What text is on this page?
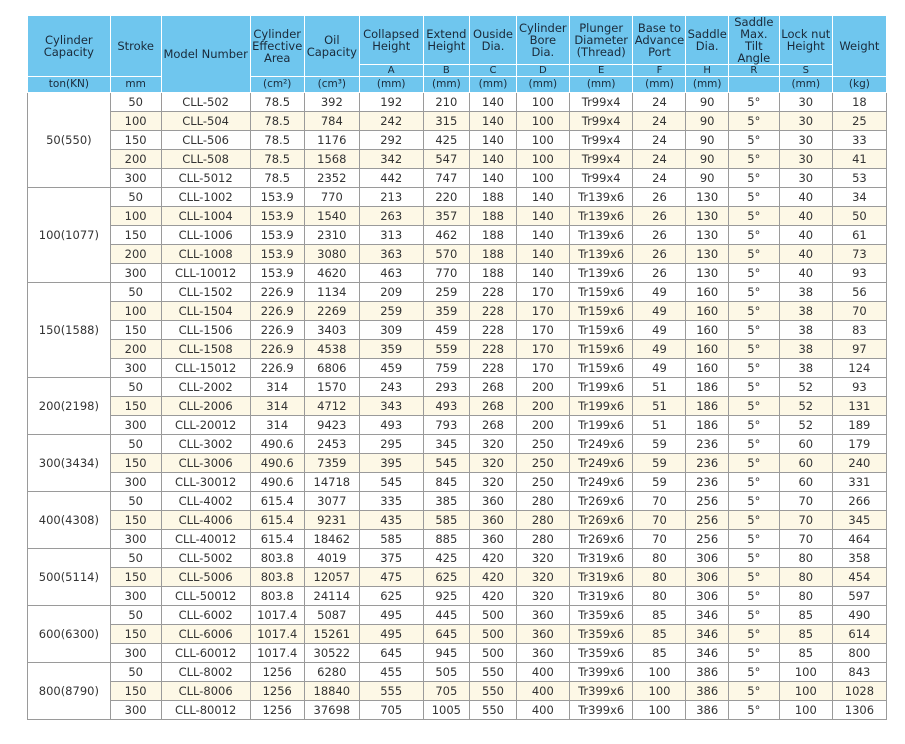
Cylinder Capacity	Stroke	Model Number	Cylinder Effective Area	Oil Capacity	Collapsed Height	Extend Height	Ouside Dia.	Cylinder Bore Dia.	Plunger Diameter (Thread)	Base to Advance Port	Saddle Dia.	Saddle Max. Tilt Angle	Lock nut Height	Weight
					A	B	C	D	E	F	H	R	S	
ton(KN)	mm		(cm²)	(cm³)	(mm)	(mm)	(mm)	(mm)	(mm)	(mm)	(mm)		(mm)	(kg)
50(550)	50	CLL-502	78.5	392	192	210	140	100	Tr99x4	24	90	5°	30	18
	100	CLL-504	78.5	784	242	315	140	100	Tr99x4	24	90	5°	30	25
	150	CLL-506	78.5	1176	292	425	140	100	Tr99x4	24	90	5°	30	33
	200	CLL-508	78.5	1568	342	547	140	100	Tr99x4	24	90	5°	30	41
	300	CLL-5012	78.5	2352	442	747	140	100	Tr99x4	24	90	5°	30	53
100(1077)	50	CLL-1002	153.9	770	213	220	188	140	Tr139x6	26	130	5°	40	34
	100	CLL-1004	153.9	1540	263	357	188	140	Tr139x6	26	130	5°	40	50
	150	CLL-1006	153.9	2310	313	462	188	140	Tr139x6	26	130	5°	40	61
	200	CLL-1008	153.9	3080	363	570	188	140	Tr139x6	26	130	5°	40	73
	300	CLL-10012	153.9	4620	463	770	188	140	Tr139x6	26	130	5°	40	93
150(1588)	50	CLL-1502	226.9	1134	209	259	228	170	Tr159x6	49	160	5°	38	56
	100	CLL-1504	226.9	2269	259	359	228	170	Tr159x6	49	160	5°	38	70
	150	CLL-1506	226.9	3403	309	459	228	170	Tr159x6	49	160	5°	38	83
	200	CLL-1508	226.9	4538	359	559	228	170	Tr159x6	49	160	5°	38	97
	300	CLL-15012	226.9	6806	459	759	228	170	Tr159x6	49	160	5°	38	124
200(2198)	50	CLL-2002	314	1570	243	293	268	200	Tr199x6	51	186	5°	52	93
	150	CLL-2006	314	4712	343	493	268	200	Tr199x6	51	186	5°	52	131
	300	CLL-20012	314	9423	493	793	268	200	Tr199x6	51	186	5°	52	189
300(3434)	50	CLL-3002	490.6	2453	295	345	320	250	Tr249x6	59	236	5°	60	179
	150	CLL-3006	490.6	7359	395	545	320	250	Tr249x6	59	236	5°	60	240
	300	CLL-30012	490.6	14718	545	845	320	250	Tr249x6	59	236	5°	60	331
400(4308)	50	CLL-4002	615.4	3077	335	385	360	280	Tr269x6	70	256	5°	70	266
	150	CLL-4006	615.4	9231	435	585	360	280	Tr269x6	70	256	5°	70	345
	300	CLL-40012	615.4	18462	585	885	360	280	Tr269x6	70	256	5°	70	464
500(5114)	50	CLL-5002	803.8	4019	375	425	420	320	Tr319x6	80	306	5°	80	358
	150	CLL-5006	803.8	12057	475	625	420	320	Tr319x6	80	306	5°	80	454
	300	CLL-50012	803.8	24114	625	925	420	320	Tr319x6	80	306	5°	80	597
600(6300)	50	CLL-6002	1017.4	5087	495	445	500	360	Tr359x6	85	346	5°	85	490
	150	CLL-6006	1017.4	15261	495	645	500	360	Tr359x6	85	346	5°	85	614
	300	CLL-60012	1017.4	30522	645	945	500	360	Tr359x6	85	346	5°	85	800
800(8790)	50	CLL-8002	1256	6280	455	505	550	400	Tr399x6	100	386	5°	100	843
	150	CLL-8006	1256	18840	555	705	550	400	Tr399x6	100	386	5°	100	1028
	300	CLL-80012	1256	37698	705	1005	550	400	Tr399x6	100	386	5°	100	1306
